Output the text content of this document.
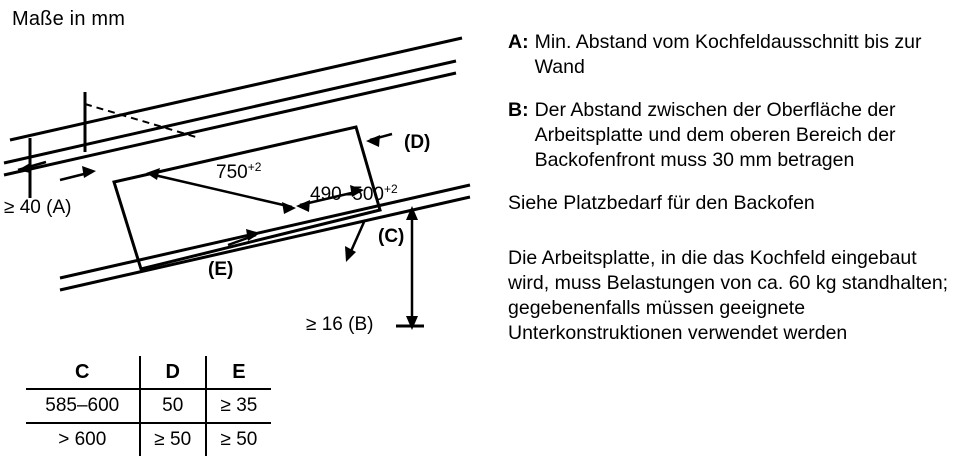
Maße in mm
$750^{+2}$
$490-500^{+2}$
≥ 40 (A)
≥ 16 (B)
(C)
(D)
(E)
C	D	E
585–600	50	≥ 35
> 600	≥ 50	≥ 50
A: Min. Abstand vom Kochfeldausschnitt bis zur Wand
B: Der Abstand zwischen der Oberfläche der Arbeitsplatte und dem oberen Bereich der Backofenfront muss 30 mm betragen
Siehe Platzbedarf für den Backofen
Die Arbeitsplatte, in die das Kochfeld eingebaut wird, muss Belastungen von ca. 60 kg standhalten; gegebenenfalls müssen geeignete Unterkonstruktionen verwendet werden
